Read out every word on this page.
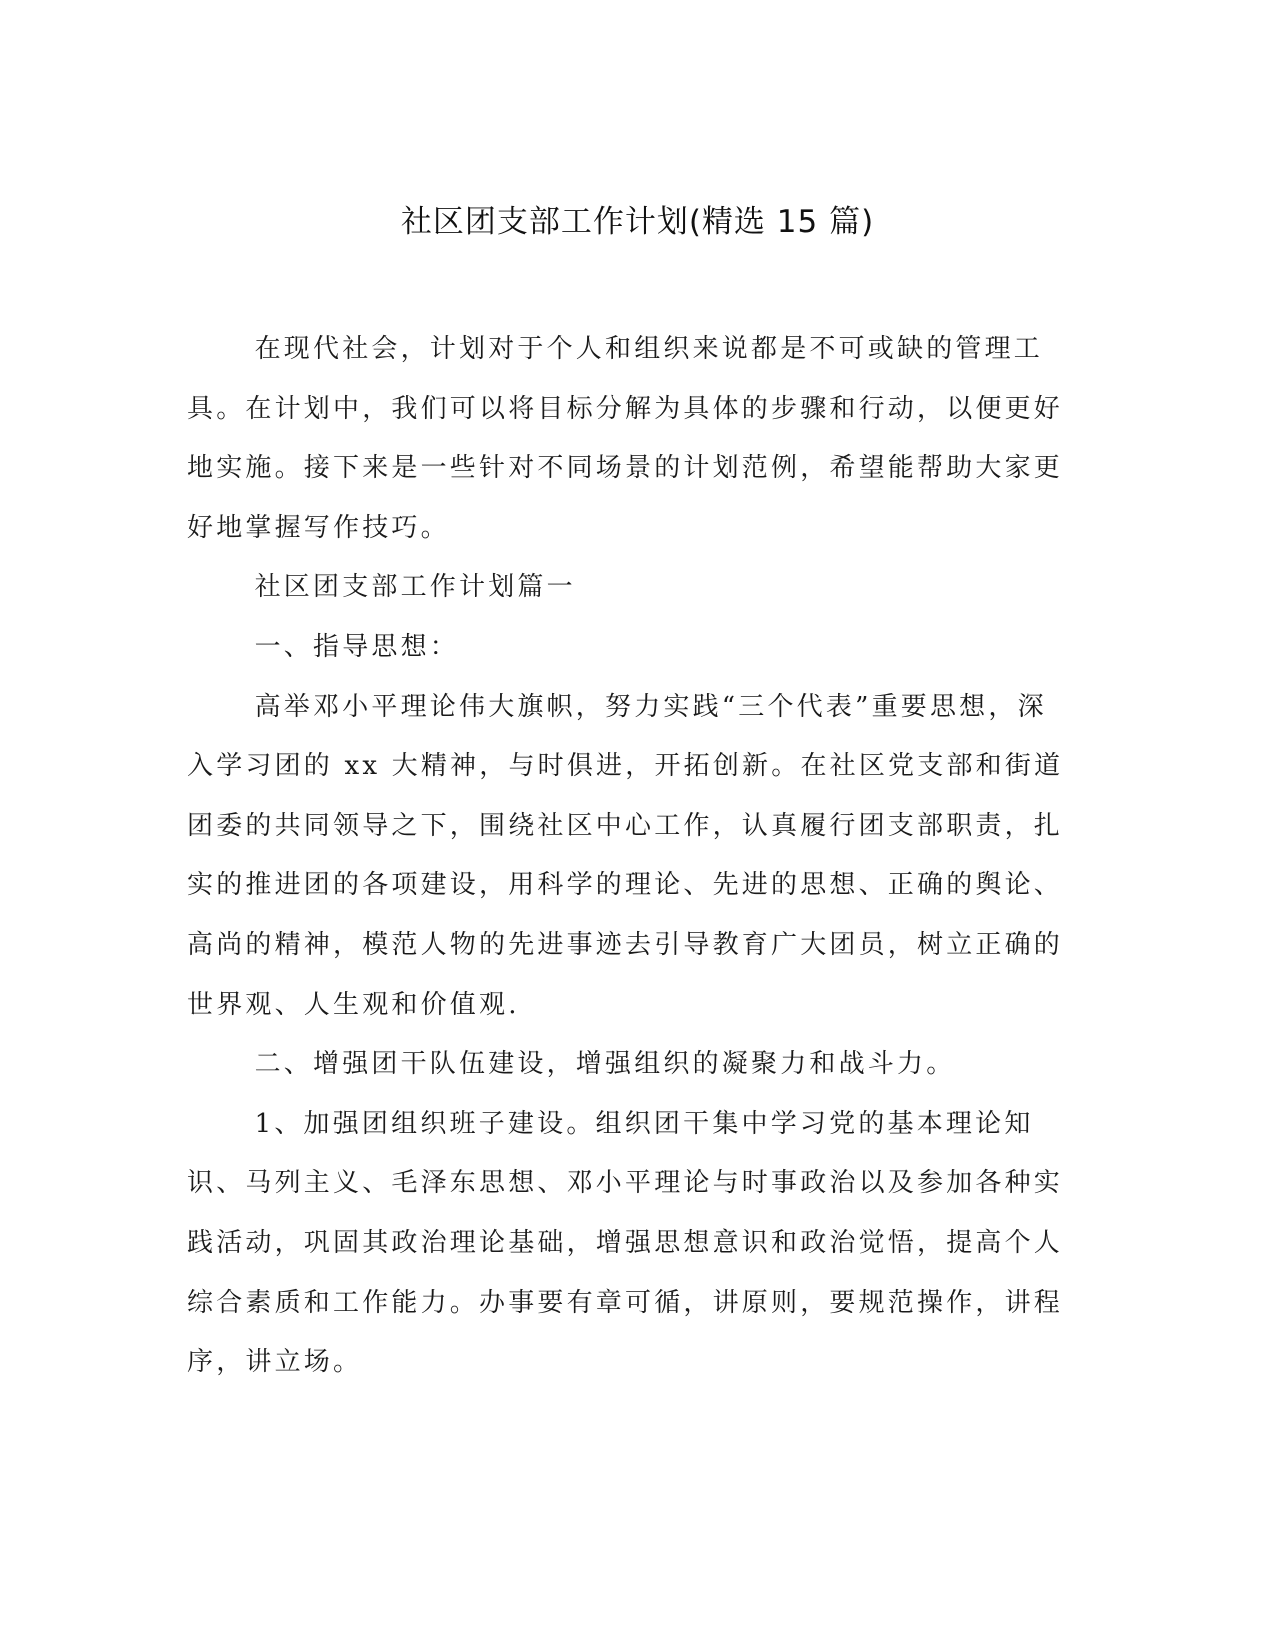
社区团支部工作计划(精选 15 篇)

在现代社会，计划对于个人和组织来说都是不可或缺的管理工具。在计划中，我们可以将目标分解为具体的步骤和行动，以便更好地实施。接下来是一些针对不同场景的计划范例，希望能帮助大家更好地掌握写作技巧。

社区团支部工作计划篇一

一、指导思想：

高举邓小平理论伟大旗帜，努力实践“三个代表”重要思想，深入学习团的 xx 大精神，与时俱进，开拓创新。在社区党支部和街道团委的共同领导之下，围绕社区中心工作，认真履行团支部职责，扎实的推进团的各项建设，用科学的理论、先进的思想、正确的舆论、高尚的精神，模范人物的先进事迹去引导教育广大团员，树立正确的世界观、人生观和价值观.

二、增强团干队伍建设，增强组织的凝聚力和战斗力。

1、加强团组织班子建设。组织团干集中学习党的基本理论知识、马列主义、毛泽东思想、邓小平理论与时事政治以及参加各种实践活动，巩固其政治理论基础，增强思想意识和政治觉悟，提高个人综合素质和工作能力。办事要有章可循，讲原则，要规范操作，讲程序，讲立场。
